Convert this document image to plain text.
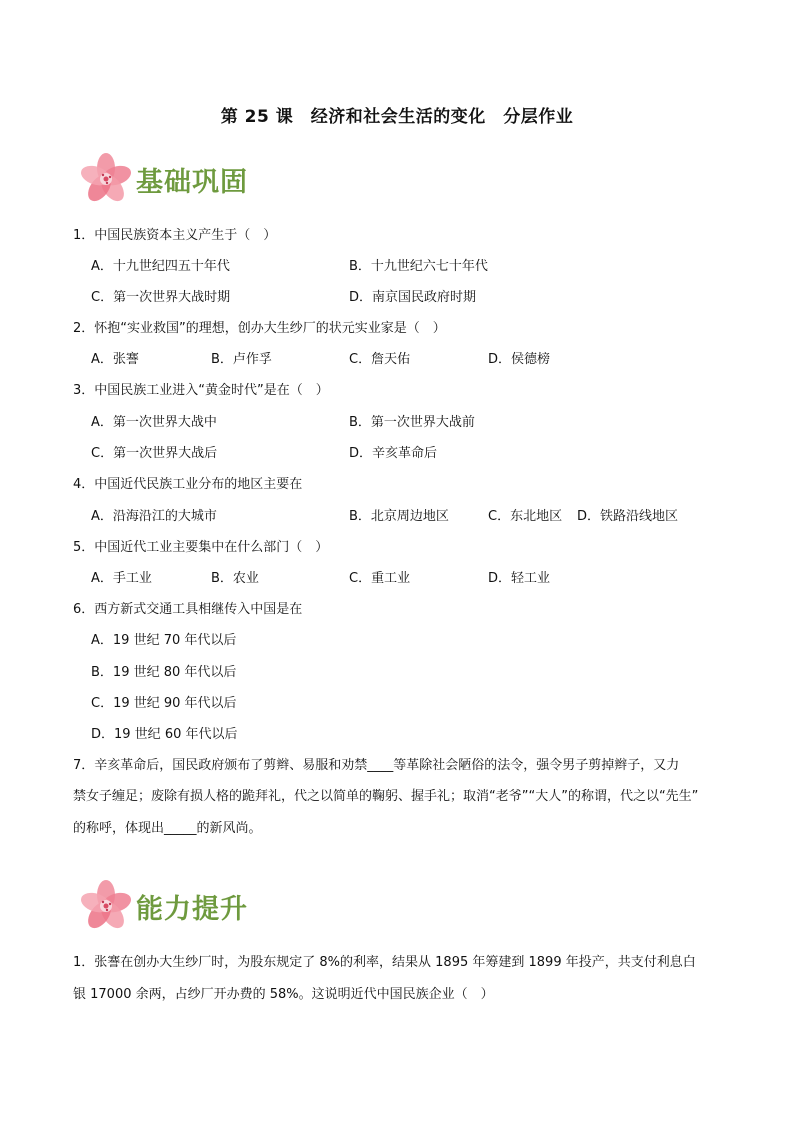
第 25 课　经济和社会生活的变化　分层作业
基础巩固
1．中国民族资本主义产生于（　）
A．十九世纪四五十年代	B．十九世纪六七十年代
C．第一次世界大战时期	D．南京国民政府时期
2．怀抱“实业救国”的理想，创办大生纱厂的状元实业家是（　）
A．张謇	B．卢作孚	C．詹天佑	D．侯德榜
3．中国民族工业进入“黄金时代”是在（　）
A．第一次世界大战中	B．第一次世界大战前
C．第一次世界大战后	D．辛亥革命后
4．中国近代民族工业分布的地区主要在
A．沿海沿江的大城市	B．北京周边地区	C．东北地区 D．铁路沿线地区
5．中国近代工业主要集中在什么部门（　）
A．手工业	B．农业	C．重工业	D．轻工业
6．西方新式交通工具相继传入中国是在
A．19 世纪 70 年代以后
B．19 世纪 80 年代以后
C．19 世纪 90 年代以后
D．19 世纪 60 年代以后
7．辛亥革命后，国民政府颁布了剪辫、易服和劝禁____等革除社会陋俗的法令，强令男子剪掉辫子，又力
禁女子缠足；废除有损人格的跪拜礼，代之以简单的鞠躬、握手礼；取消“老爷”“大人”的称谓，代之以“先生”
的称呼，体现出_____的新风尚。
能力提升
1．张謇在创办大生纱厂时，为股东规定了 8%的利率，结果从 1895 年筹建到 1899 年投产，共支付利息白
银 17000 余两，占纱厂开办费的 58%。这说明近代中国民族企业（　）
